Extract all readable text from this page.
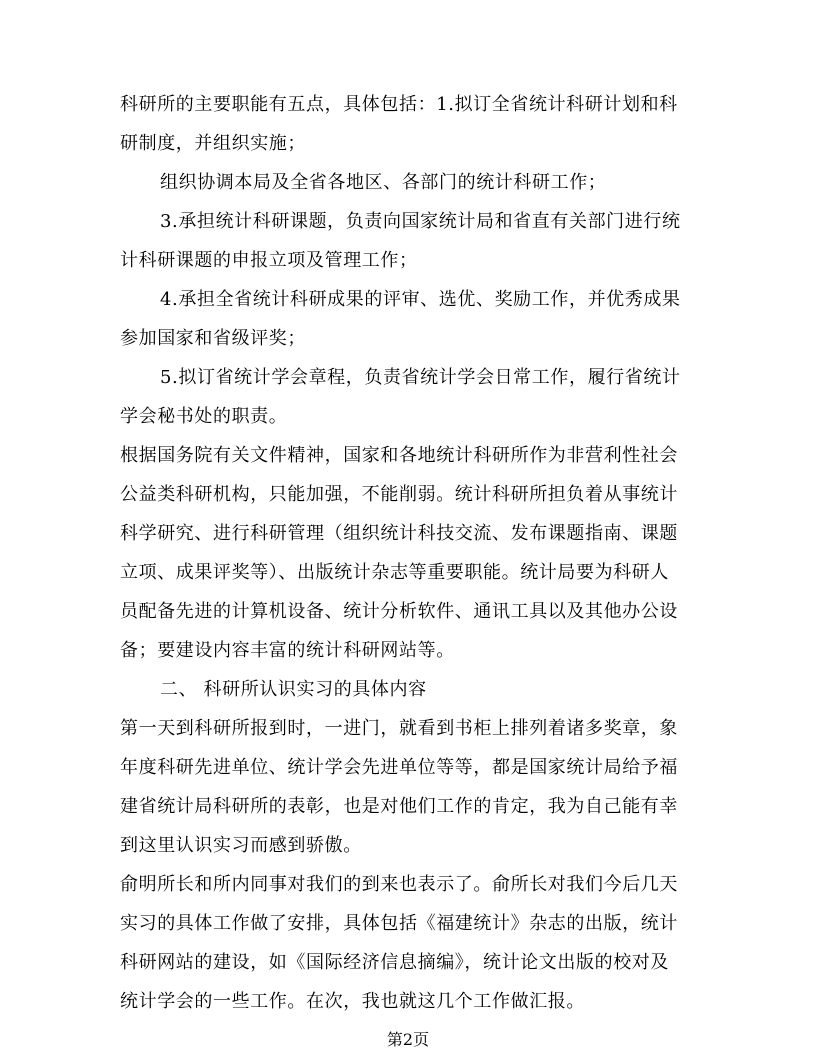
科研所的主要职能有五点，具体包括：1.拟订全省统计科研计划和科
研制度，并组织实施；
组织协调本局及全省各地区、各部门的统计科研工作；
3.承担统计科研课题，负责向国家统计局和省直有关部门进行统
计科研课题的申报立项及管理工作；
4.承担全省统计科研成果的评审、选优、奖励工作，并优秀成果
参加国家和省级评奖；
5.拟订省统计学会章程，负责省统计学会日常工作，履行省统计
学会秘书处的职责。
根据国务院有关文件精神，国家和各地统计科研所作为非营利性社会
公益类科研机构，只能加强，不能削弱。统计科研所担负着从事统计
科学研究、进行科研管理（组织统计科技交流、发布课题指南、课题
立项、成果评奖等）、出版统计杂志等重要职能。统计局要为科研人
员配备先进的计算机设备、统计分析软件、通讯工具以及其他办公设
备；要建设内容丰富的统计科研网站等。
二、 科研所认识实习的具体内容
第一天到科研所报到时，一进门，就看到书柜上排列着诸多奖章，象
年度科研先进单位、统计学会先进单位等等，都是国家统计局给予福
建省统计局科研所的表彰，也是对他们工作的肯定，我为自己能有幸
到这里认识实习而感到骄傲。
俞明所长和所内同事对我们的到来也表示了。俞所长对我们今后几天
实习的具体工作做了安排，具体包括《福建统计》杂志的出版，统计
科研网站的建设，如《国际经济信息摘编》，统计论文出版的校对及
统计学会的一些工作。在次，我也就这几个工作做汇报。
第2页
